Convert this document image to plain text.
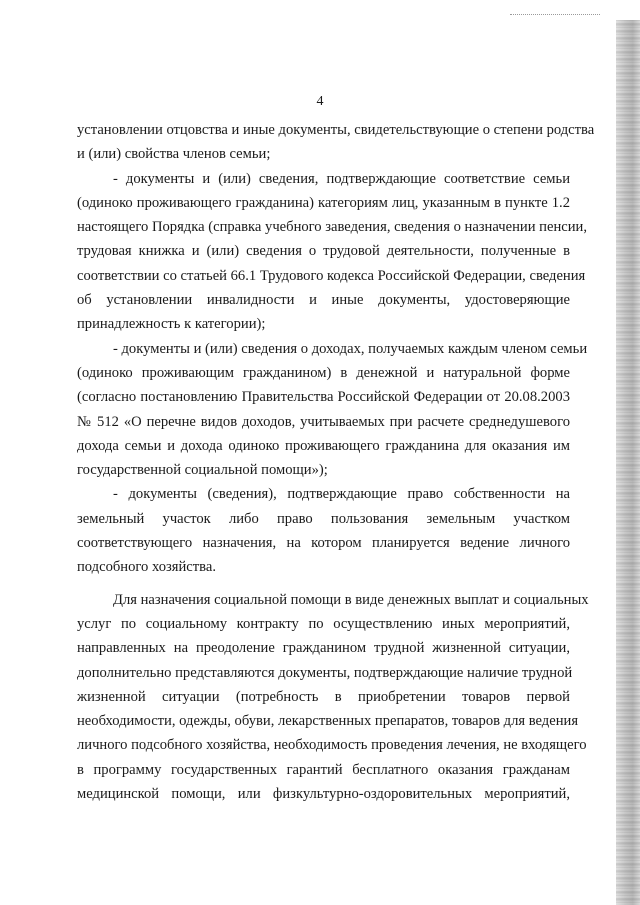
4
установлении отцовства и иные документы, свидетельствующие о степени родства
и (или) свойства членов семьи;
- документы и (или) сведения, подтверждающие соответствие семьи
(одиноко проживающего гражданина) категориям лиц, указанным в пункте 1.2
настоящего Порядка (справка учебного заведения, сведения о назначении пенсии,
трудовая книжка и (или) сведения о трудовой деятельности, полученные в
соответствии со статьей 66.1 Трудового кодекса Российской Федерации, сведения
об установлении инвалидности и иные документы, удостоверяющие
принадлежность к категории);
- документы и (или) сведения о доходах, получаемых каждым членом семьи
(одиноко проживающим гражданином) в денежной и натуральной форме
(согласно постановлению Правительства Российской Федерации от 20.08.2003
№ 512 «О перечне видов доходов, учитываемых при расчете среднедушевого
дохода семьи и дохода одиноко проживающего гражданина для оказания им
государственной социальной помощи»);
- документы (сведения), подтверждающие право собственности на
земельный участок либо право пользования земельным участком
соответствующего назначения, на котором планируется ведение личного
подсобного хозяйства.
Для назначения социальной помощи в виде денежных выплат и социальных
услуг по социальному контракту по осуществлению иных мероприятий,
направленных на преодоление гражданином трудной жизненной ситуации,
дополнительно представляются документы, подтверждающие наличие трудной
жизненной ситуации (потребность в приобретении товаров первой
необходимости, одежды, обуви, лекарственных препаратов, товаров для ведения
личного подсобного хозяйства, необходимость проведения лечения, не входящего
в программу государственных гарантий бесплатного оказания гражданам
медицинской помощи, или физкультурно-оздоровительных мероприятий,
